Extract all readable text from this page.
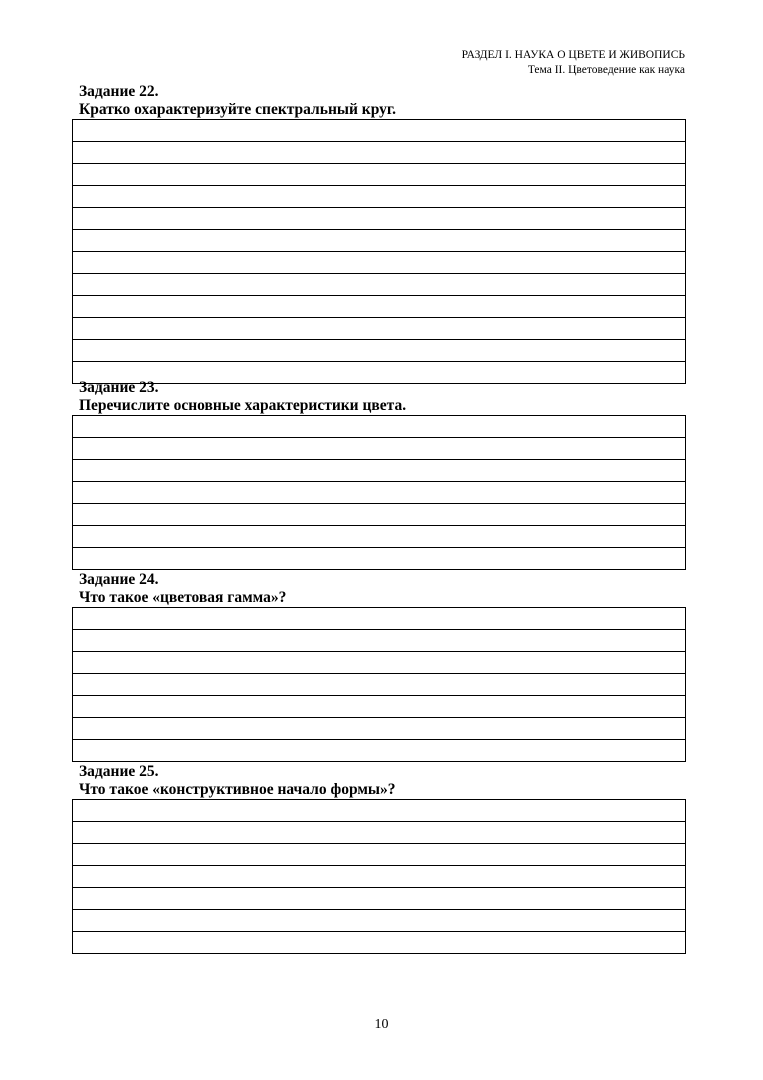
РАЗДЕЛ I. НАУКА О ЦВЕТЕ И ЖИВОПИСЬ
Тема II. Цветоведение как наука
Задание 22.
Кратко охарактеризуйте спектральный круг.
Задание 23.
Перечислите основные характеристики цвета.
Задание 24.
Что такое «цветовая гамма»?
Задание 25.
Что такое «конструктивное начало формы»?
10
